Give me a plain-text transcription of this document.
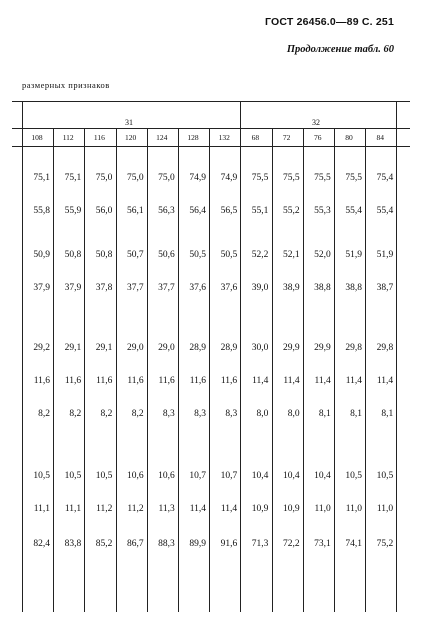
ГОСТ 26456.0—89 С. 251
Продолжение табл. 60
размерных признаков
31	32
108	112	116	120	124	128	132	68	72	76	80	84
75,1	75,1	75,0	75,0	75,0	74,9	74,9	75,5	75,5	75,5	75,5	75,4
55,8	55,9	56,0	56,1	56,3	56,4	56,5	55,1	55,2	55,3	55,4	55,4
50,9	50,8	50,8	50,7	50,6	50,5	50,5	52,2	52,1	52,0	51,9	51,9
37,9	37,9	37,8	37,7	37,7	37,6	37,6	39,0	38,9	38,8	38,8	38,7
29,2	29,1	29,1	29,0	29,0	28,9	28,9	30,0	29,9	29,9	29,8	29,8
11,6	11,6	11,6	11,6	11,6	11,6	11,6	11,4	11,4	11,4	11,4	11,4
8,2	8,2	8,2	8,2	8,3	8,3	8,3	8,0	8,0	8,1	8,1	8,1
10,5	10,5	10,5	10,6	10,6	10,7	10,7	10,4	10,4	10,4	10,5	10,5
11,1	11,1	11,2	11,2	11,3	11,4	11,4	10,9	10,9	11,0	11,0	11,0
82,4	83,8	85,2	86,7	88,3	89,9	91,6	71,3	72,2	73,1	74,1	75,2
